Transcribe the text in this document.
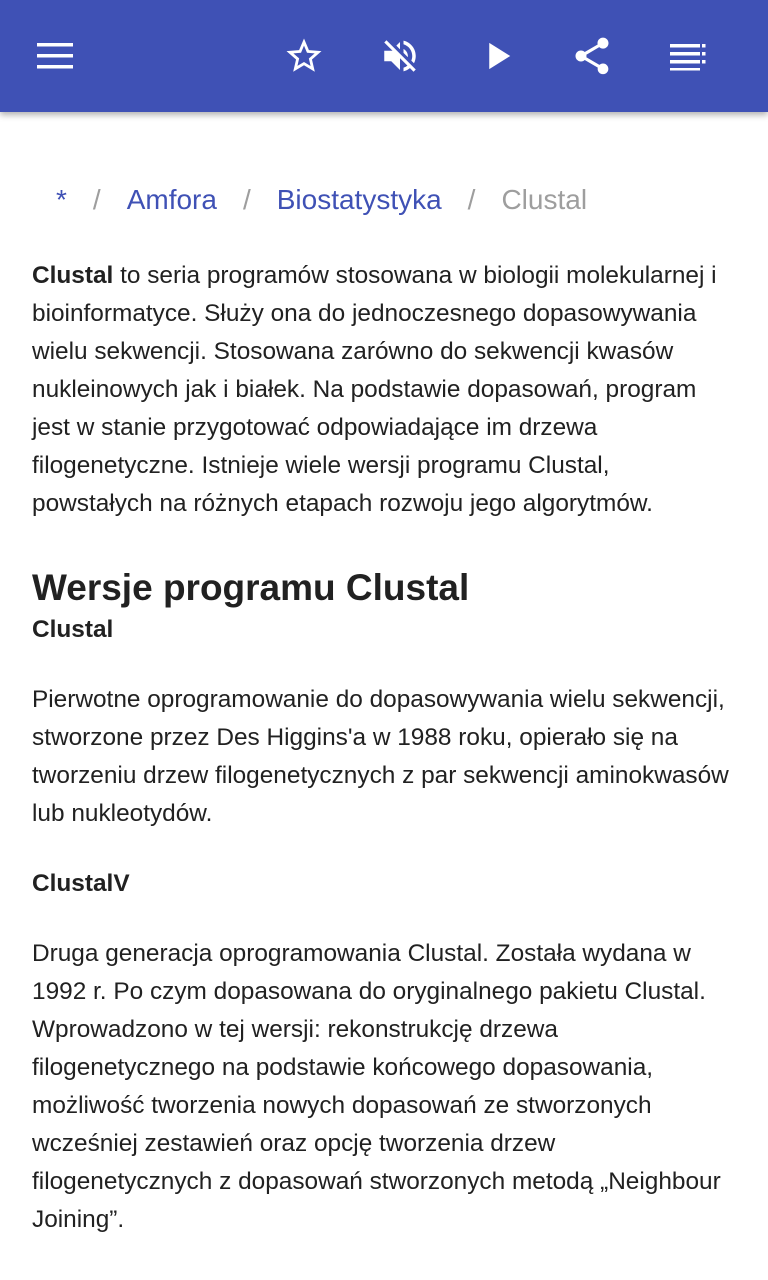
* / Amfora / Biostatystyka / Clustal

Clustal to seria programów stosowana w biologii molekularnej i bioinformatyce. Służy ona do jednoczesnego dopasowywania wielu sekwencji. Stosowana zarówno do sekwencji kwasów nukleinowych jak i białek. Na podstawie dopasowań, program jest w stanie przygotować odpowiadające im drzewa filogenetyczne. Istnieje wiele wersji programu Clustal, powstałych na różnych etapach rozwoju jego algorytmów.

Wersje programu Clustal
Clustal

Pierwotne oprogramowanie do dopasowywania wielu sekwencji, stworzone przez Des Higgins'a w 1988 roku, opierało się na tworzeniu drzew filogenetycznych z par sekwencji aminokwasów lub nukleotydów.

ClustalV

Druga generacja oprogramowania Clustal. Została wydana w 1992 r. Po czym dopasowana do oryginalnego pakietu Clustal. Wprowadzono w tej wersji: rekonstrukcję drzewa filogenetycznego na podstawie końcowego dopasowania, możliwość tworzenia nowych dopasowań ze stworzonych wcześniej zestawień oraz opcję tworzenia drzew filogenetycznych z dopasowań stworzonych metodą „Neighbour Joining”.
